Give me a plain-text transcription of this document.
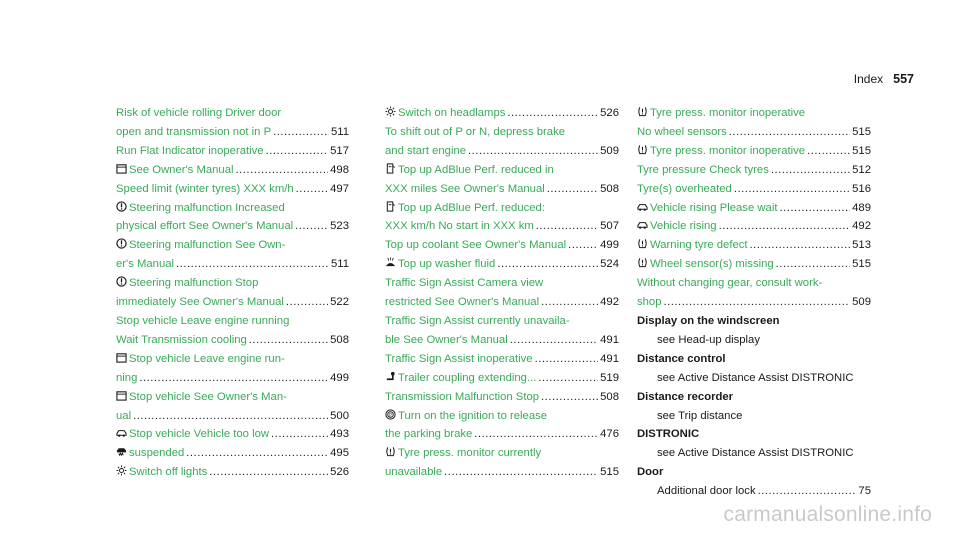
Index 557
Risk of vehicle rolling Driver door
open and transmission not in P .....	511
Run Flat Indicator inoperative .....	517
See Owner's Manual .....	498
Speed limit (winter tyres) XXX km/h .....	497
Steering malfunction Increased
physical effort See Owner's Manual .....	523
Steering malfunction See Own-
er's Manual .....	511
Steering malfunction Stop
immediately See Owner's Manual .....	522
Stop vehicle Leave engine running
Wait Transmission cooling .....	508
Stop vehicle Leave engine run-
ning .....	499
Stop vehicle See Owner's Man-
ual .....	500
Stop vehicle Vehicle too low .....	493
suspended .....	495
Switch off lights .....	526
Switch on headlamps .....	526
To shift out of P or N, depress brake
and start engine .....	509
Top up AdBlue Perf. reduced in
XXX miles See Owner's Manual .....	508
Top up AdBlue Perf. reduced:
XXX km/h No start in XXX km .....	507
Top up coolant See Owner's Manual .....	499
Top up washer fluid .....	524
Traffic Sign Assist Camera view
restricted See Owner's Manual .....	492
Traffic Sign Assist currently unavaila-
ble See Owner's Manual .....	491
Traffic Sign Assist inoperative .....	491
Trailer coupling extending... .....	519
Transmission Malfunction Stop .....	508
P Turn on the ignition to release
the parking brake .....	476
Tyre press. monitor currently
unavailable .....	515
Tyre press. monitor inoperative
No wheel sensors .....	515
Tyre press. monitor inoperative .....	515
Tyre pressure Check tyres .....	512
Tyre(s) overheated .....	516
Vehicle rising Please wait .....	489
Vehicle rising .....	492
Warning tyre defect .....	513
Wheel sensor(s) missing .....	515
Without changing gear, consult work-
shop .....	509
Display on the windscreen
see Head-up display
Distance control
see Active Distance Assist DISTRONIC
Distance recorder
see Trip distance
DISTRONIC
see Active Distance Assist DISTRONIC
Door
Additional door lock .....	75
carmanualsonline.info
